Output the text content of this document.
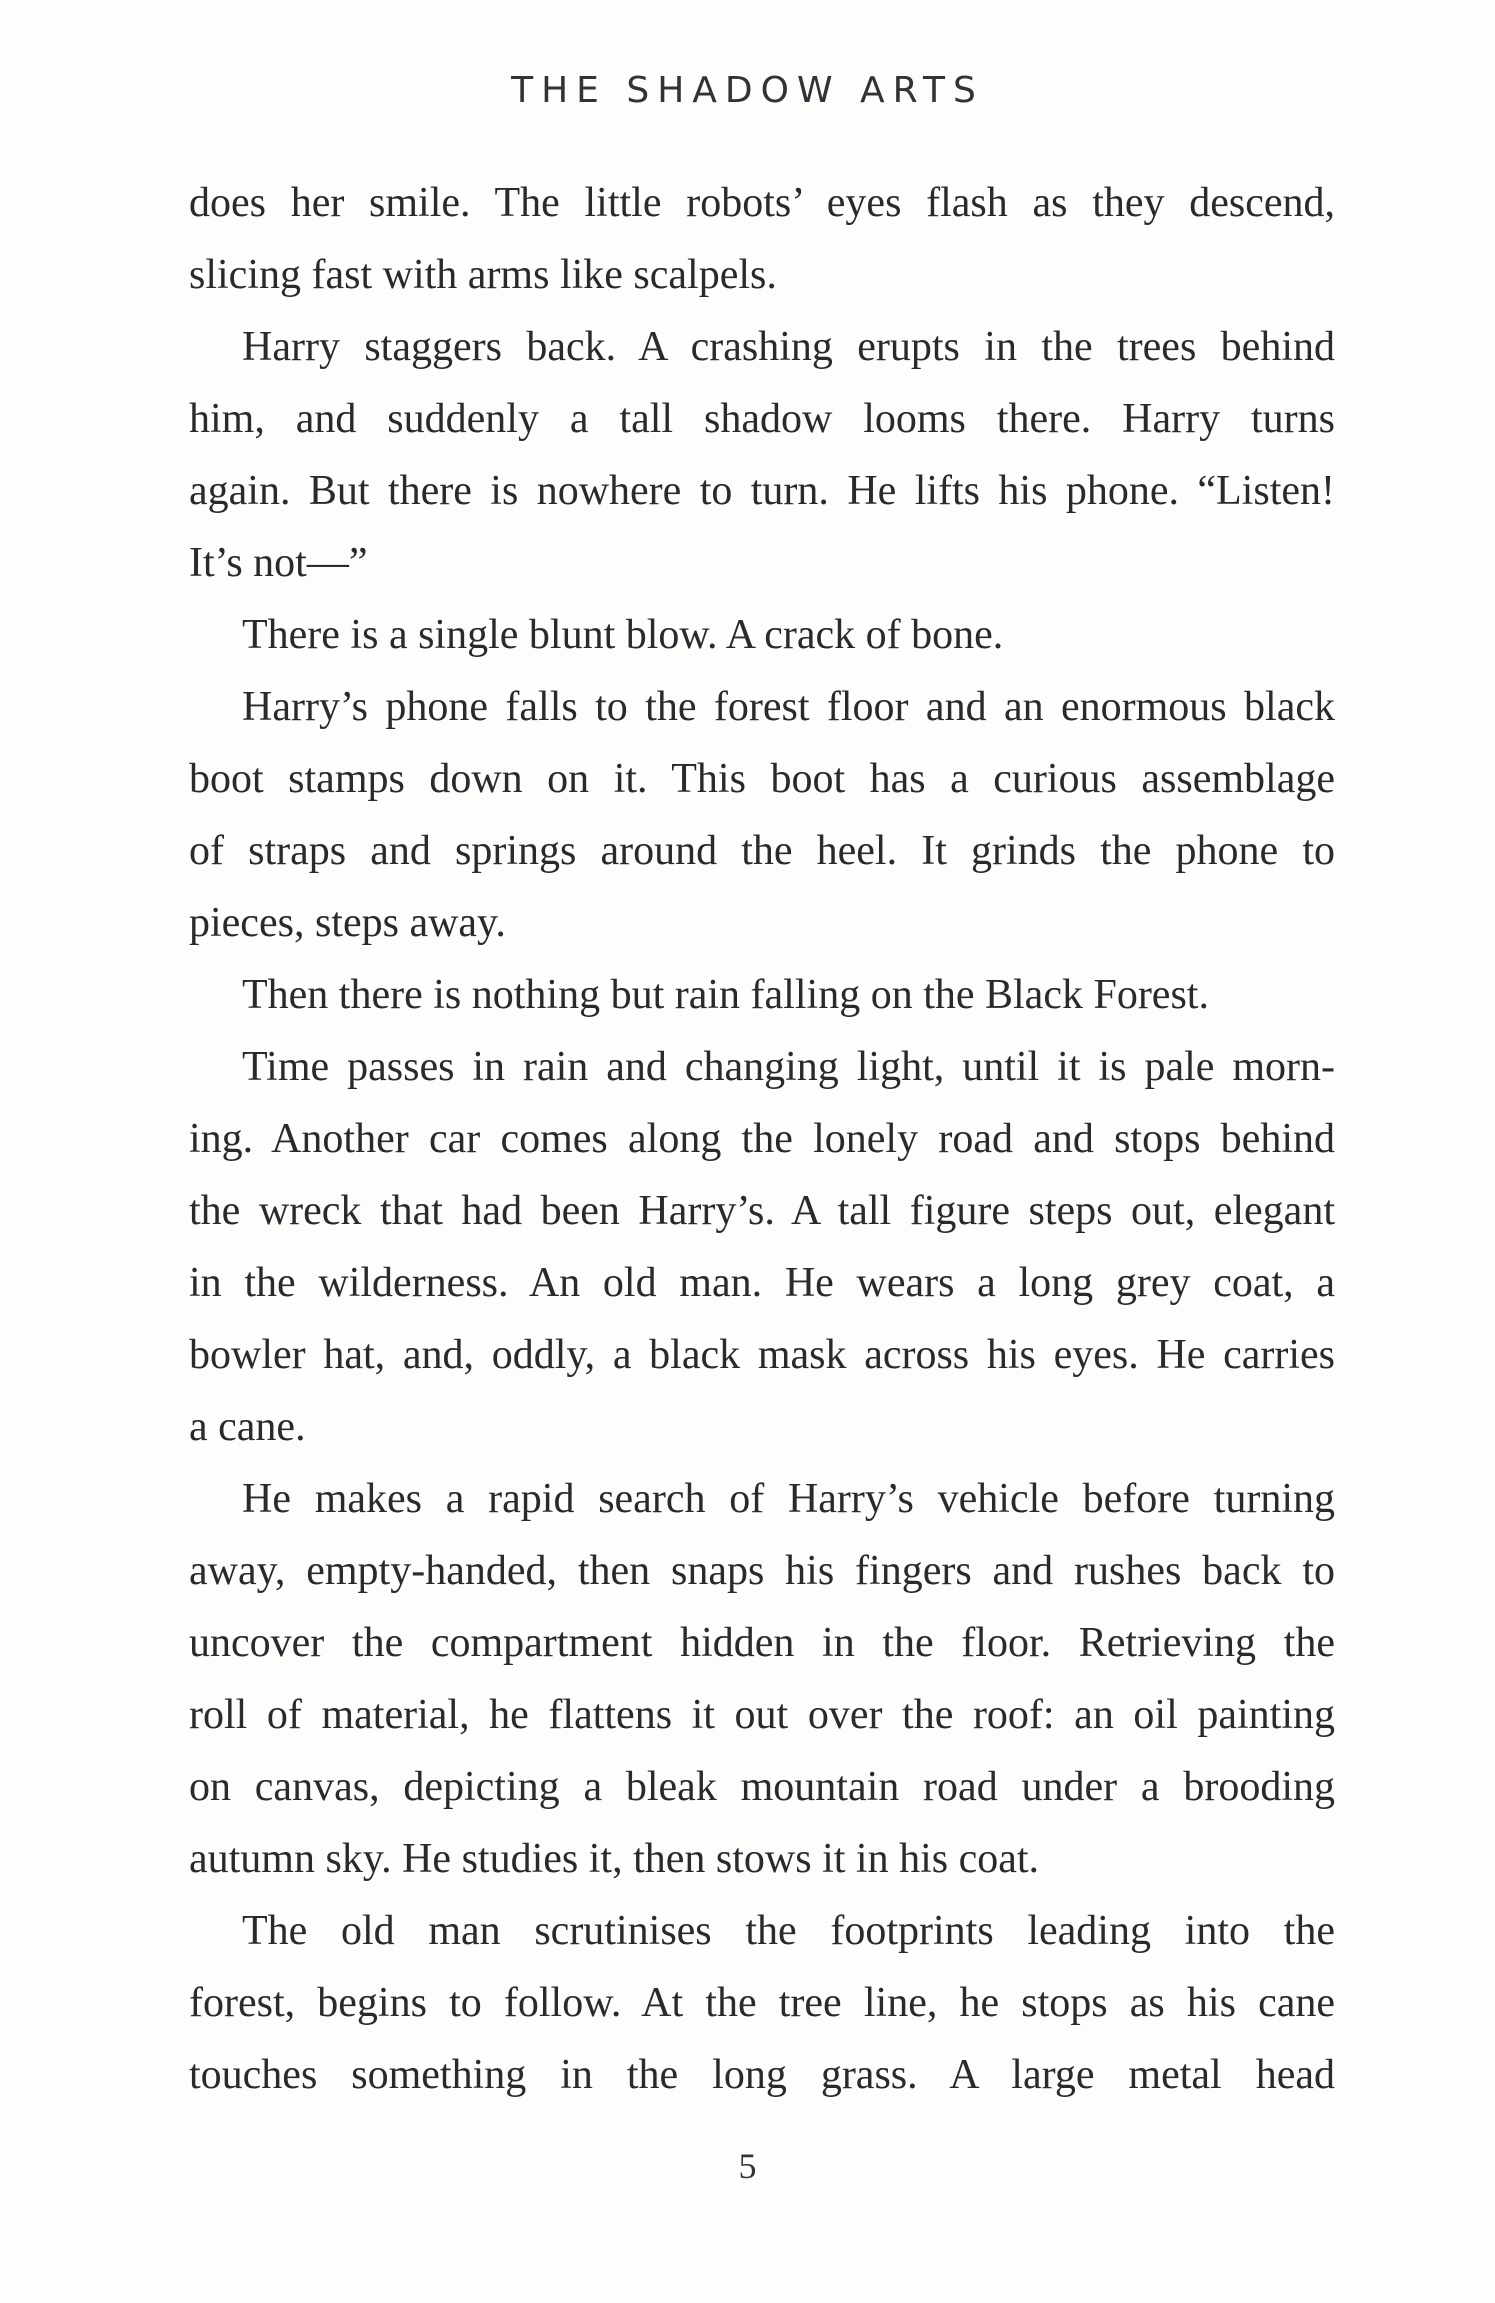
THE SHADOW ARTS
does her smile. The little robots’ eyes flash as they descend,
slicing fast with arms like scalpels.
Harry staggers back. A crashing erupts in the trees behind
him, and suddenly a tall shadow looms there. Harry turns
again. But there is nowhere to turn. He lifts his phone. “Listen!
It’s not—”
There is a single blunt blow. A crack of bone.
Harry’s phone falls to the forest floor and an enormous black
boot stamps down on it. This boot has a curious assemblage
of straps and springs around the heel. It grinds the phone to
pieces, steps away.
Then there is nothing but rain falling on the Black Forest.
Time passes in rain and changing light, until it is pale morn-
ing. Another car comes along the lonely road and stops behind
the wreck that had been Harry’s. A tall figure steps out, elegant
in the wilderness. An old man. He wears a long grey coat, a
bowler hat, and, oddly, a black mask across his eyes. He carries
a cane.
He makes a rapid search of Harry’s vehicle before turning
away, empty-handed, then snaps his fingers and rushes back to
uncover the compartment hidden in the floor. Retrieving the
roll of material, he flattens it out over the roof: an oil painting
on canvas, depicting a bleak mountain road under a brooding
autumn sky. He studies it, then stows it in his coat.
The old man scrutinises the footprints leading into the
forest, begins to follow. At the tree line, he stops as his cane
touches something in the long grass. A large metal head
5
